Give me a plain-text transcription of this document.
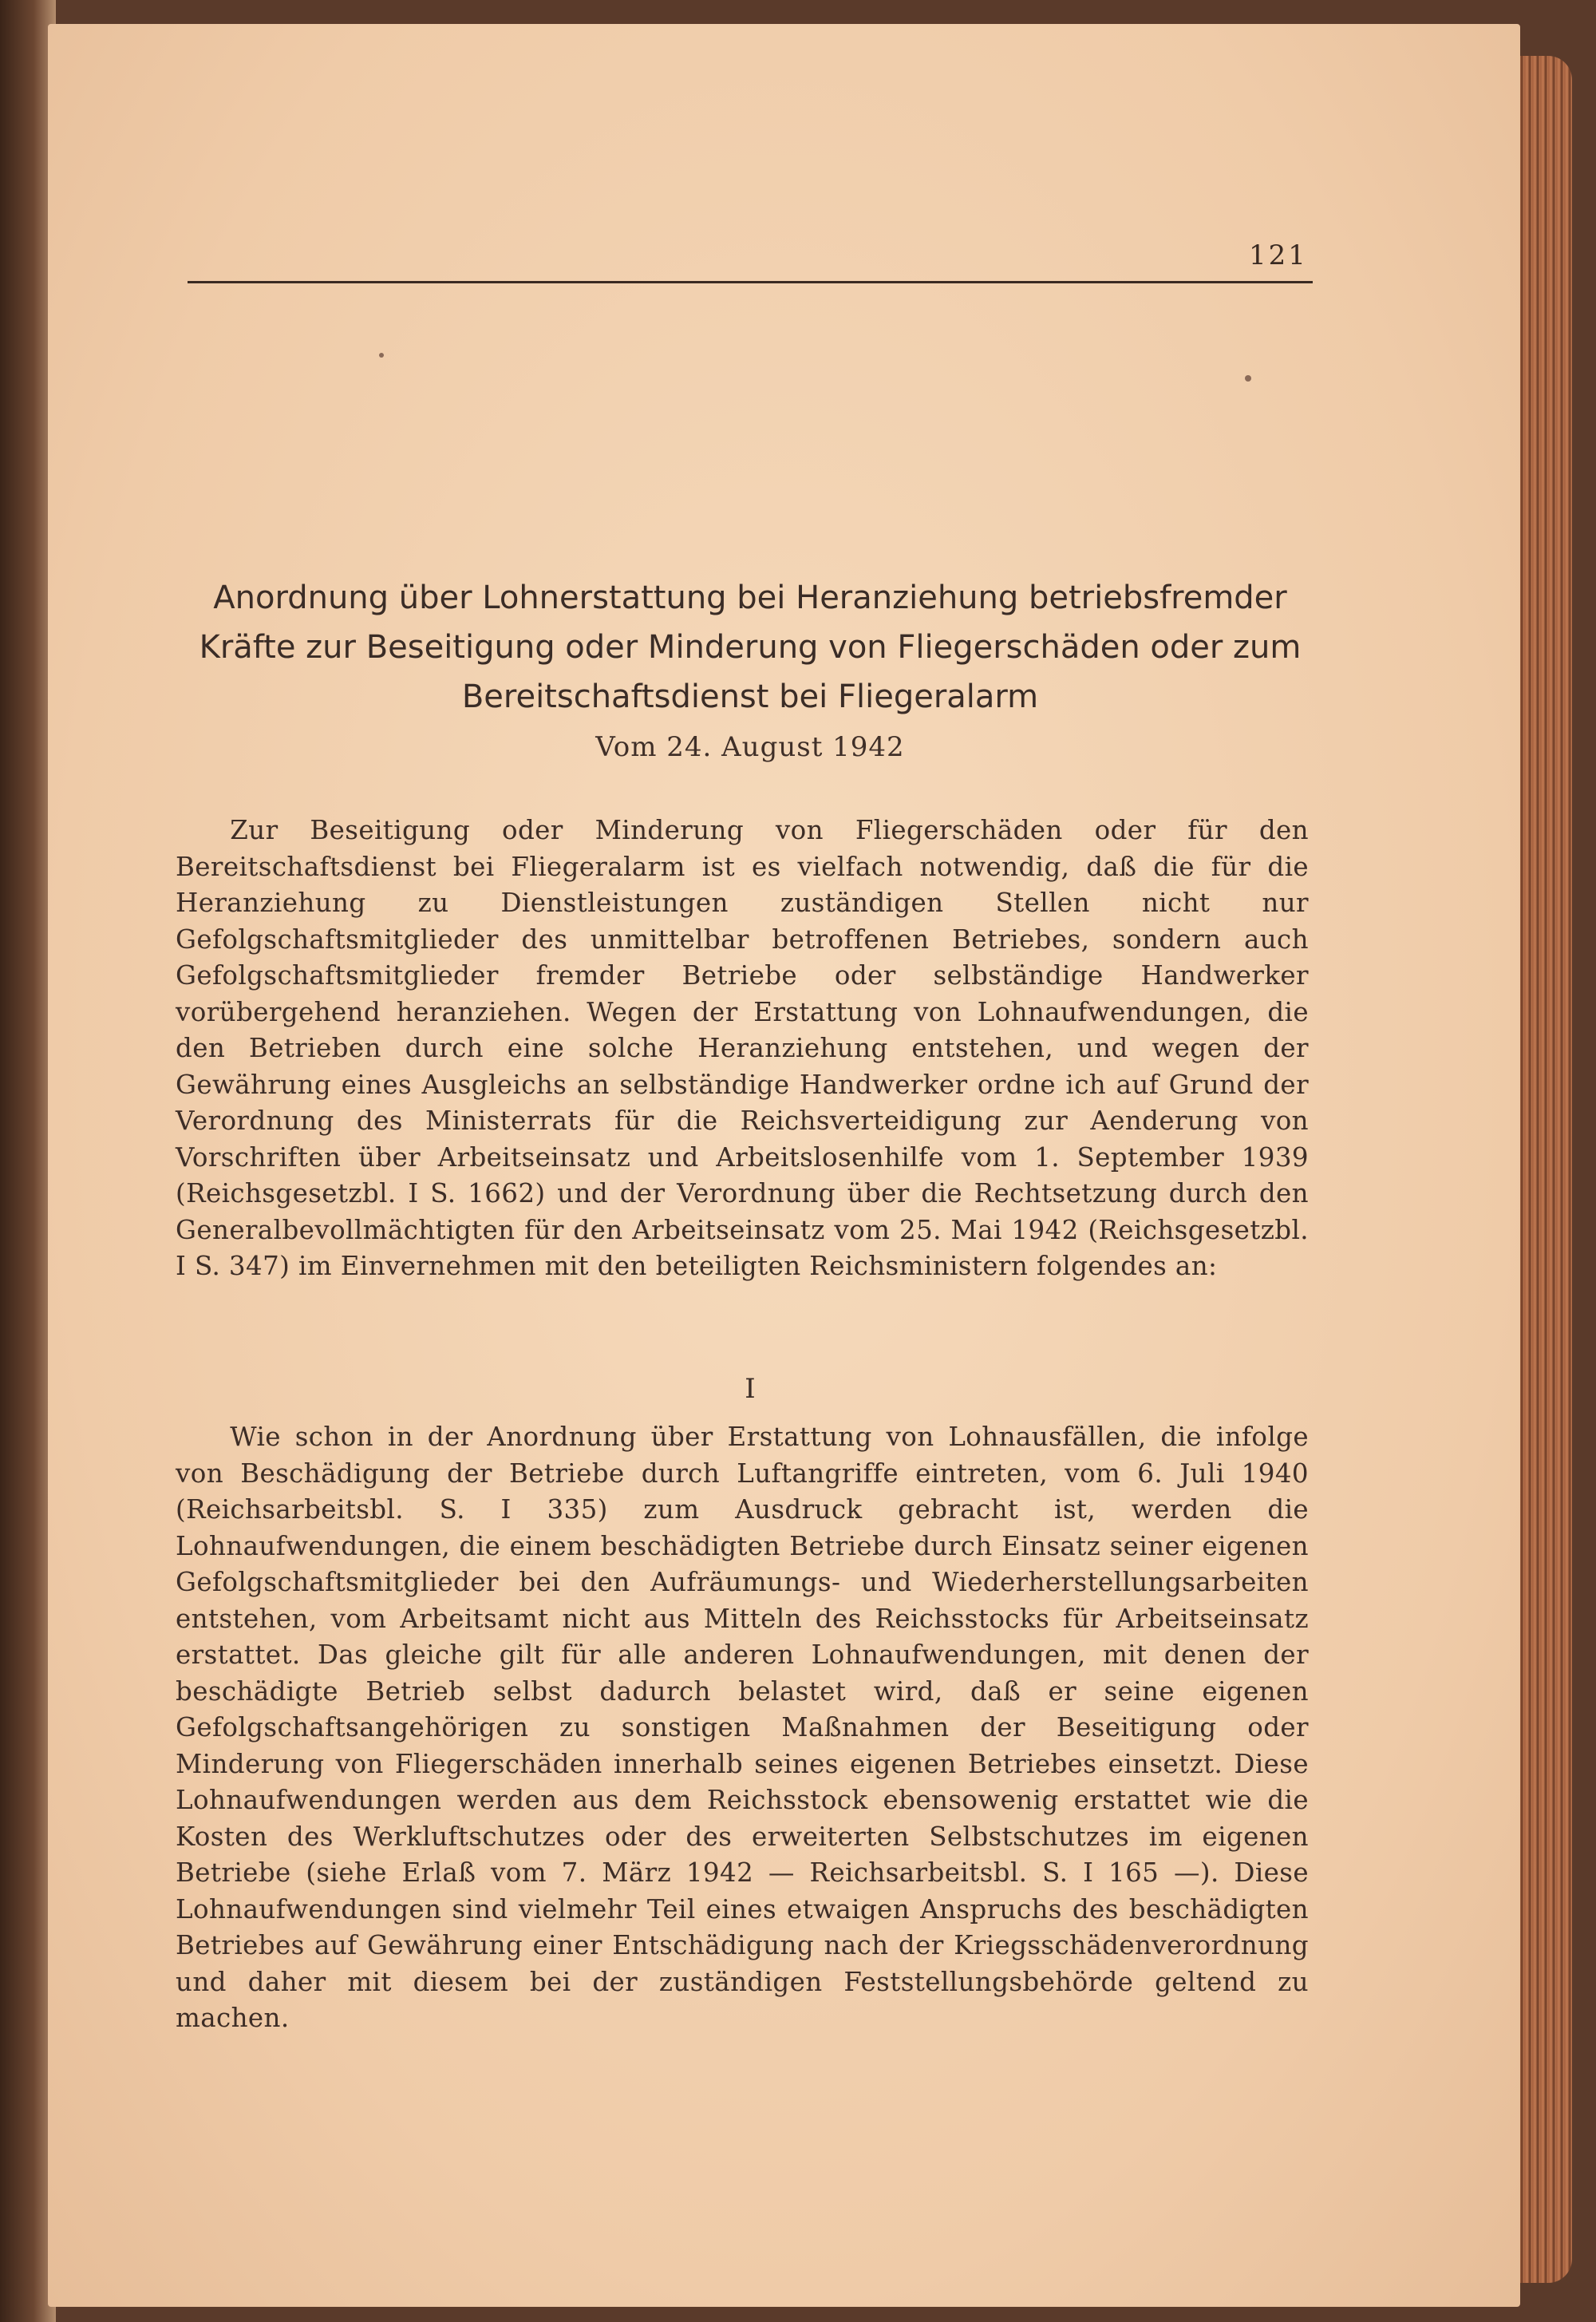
121
Anordnung über Lohnerstattung bei Heranziehung betriebsfremder Kräfte zur Beseitigung oder Minderung von Fliegerschäden oder zum Bereitschaftsdienst bei Fliegeralarm
Vom 24. August 1942

Zur Beseitigung oder Minderung von Fliegerschäden oder für den Bereitschaftsdienst bei Fliegeralarm ist es vielfach notwendig, daß die für die Heranziehung zu Dienstleistungen zuständigen Stellen nicht nur Gefolgschaftsmitglieder des unmittelbar betroffenen Betriebes, sondern auch Gefolgschaftsmitglieder fremder Betriebe oder selbständige Handwerker vorübergehend heranziehen. Wegen der Erstattung von Lohnaufwendungen, die den Betrieben durch eine solche Heranziehung entstehen, und wegen der Gewährung eines Ausgleichs an selbständige Handwerker ordne ich auf Grund der Verordnung des Ministerrats für die Reichsverteidigung zur Aenderung von Vorschriften über Arbeitseinsatz und Arbeitslosenhilfe vom 1. September 1939 (Reichsgesetzbl. I S. 1662) und der Verordnung über die Rechtsetzung durch den Generalbevollmächtigten für den Arbeitseinsatz vom 25. Mai 1942 (Reichsgesetzbl. I S. 347) im Einvernehmen mit den beteiligten Reichsministern folgendes an:

I

Wie schon in der Anordnung über Erstattung von Lohnausfällen, die infolge von Beschädigung der Betriebe durch Luftangriffe eintreten, vom 6. Juli 1940 (Reichsarbeitsbl. S. I 335) zum Ausdruck gebracht ist, werden die Lohnaufwendungen, die einem beschädigten Betriebe durch Einsatz seiner eigenen Gefolgschaftsmitglieder bei den Aufräumungs- und Wiederherstellungsarbeiten entstehen, vom Arbeitsamt nicht aus Mitteln des Reichsstocks für Arbeitseinsatz erstattet. Das gleiche gilt für alle anderen Lohnaufwendungen, mit denen der beschädigte Betrieb selbst dadurch belastet wird, daß er seine eigenen Gefolgschaftsangehörigen zu sonstigen Maßnahmen der Beseitigung oder Minderung von Fliegerschäden innerhalb seines eigenen Betriebes einsetzt. Diese Lohnaufwendungen werden aus dem Reichsstock ebensowenig erstattet wie die Kosten des Werkluftschutzes oder des erweiterten Selbstschutzes im eigenen Betriebe (siehe Erlaß vom 7. März 1942 — Reichsarbeitsbl. S. I 165 —). Diese Lohnaufwendungen sind vielmehr Teil eines etwaigen Anspruchs des beschädigten Betriebes auf Gewährung einer Entschädigung nach der Kriegsschädenverordnung und daher mit diesem bei der zuständigen Feststellungsbehörde geltend zu machen.
